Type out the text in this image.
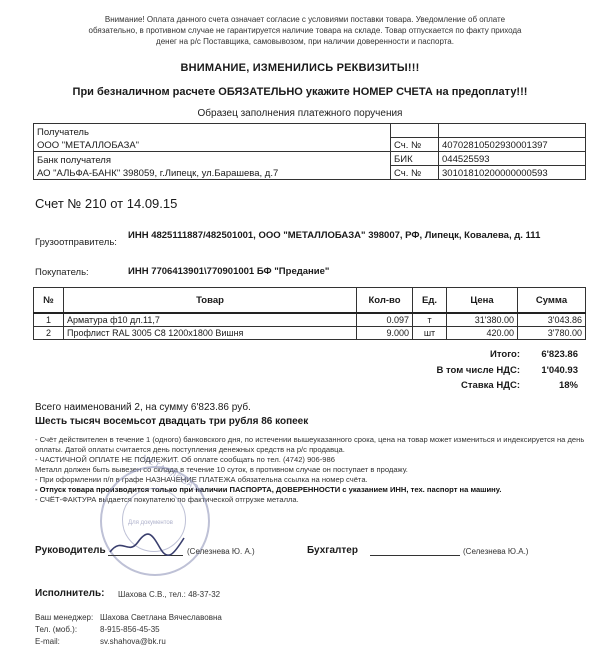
Внимание! Оплата данного счета означает согласие с условиями поставки товара. Уведомление об оплате обязательно, в противном случае не гарантируется наличие товара на складе. Товар отпускается по факту прихода денег на р/с Поставщика, самовывозом, при наличии доверенности и паспорта.
ВНИМАНИЕ, ИЗМЕНИЛИСЬ РЕКВИЗИТЫ!!!
При безналичном расчете ОБЯЗАТЕЛЬНО укажите НОМЕР СЧЕТА на предоплату!!!
Образец заполнения платежного поручения
Получатель		
ООО "МЕТАЛЛОБАЗА"	Сч. №	40702810502930001397
Банк получателя	БИК	044525593
АО "АЛЬФА-БАНК" 398059, г.Липецк, ул.Барашева, д.7	Сч. №	30101810200000000593
Счет № 210 от 14.09.15
Грузоотправитель:
ИНН 4825111887/482501001, ООО "МЕТАЛЛОБАЗА" 398007, РФ, Липецк, Ковалева, д. 111
Покупатель:	ИНН 7706413901\770901001 БФ "Предание"
№	Товар	Кол-во	Ед.	Цена	Сумма
1	Арматура ф10 дл.11,7	0.097	т	31'380.00	3'043.86
2	Профлист RAL 3005 С8 1200х1800 Вишня	9.000	шт	420.00	3'780.00
Итого: 6'823.86
В том числе НДС: 1'040.93
Ставка НДС:	18%
Всего наименований 2, на сумму 6'823.86 руб.
Шесть тысяч восемьсот двадцать три рубля 86 копеек
- Счёт действителен в течение 1 (одного) банковского дня, по истечении вышеуказанного срока, цена на товар может измениться и индексируется на день оплаты. Датой оплаты считается день поступления денежных средств на р/с продавца.
- ЧАСТИЧНОЙ ОПЛАТЕ НЕ ПОДЛЕЖИТ. Об оплате сообщать по тел. (4742) 906-986
Металл должен быть вывезен со склада в течение 10 суток, в противном случае он поступает в продажу.
- При оформлении п/п в графе НАЗНАЧЕНИЕ ПЛАТЕЖА обязательна ссылка на номер счёта.
- Отпуск товара производится только при наличии ПАСПОРТА, ДОВЕРЕННОСТИ с указанием ИНН, тех. паспорт на машину.
- СЧЁТ-ФАКТУРА выдается покупателю по фактической отгрузке металла.
МЕТАЛЛОБАЗА
Для документов
Руководитель	(Селезнева Ю. А.)	Бухгалтер	(Селезнева Ю.А.)
Исполнитель: Шахова С.В., тел.: 48-37-32
Ваш менеджер: Шахова Светлана Вячеславовна
Тел. (моб.):	8-915-856-45-35
E-mail:	sv.shahova@bk.ru
